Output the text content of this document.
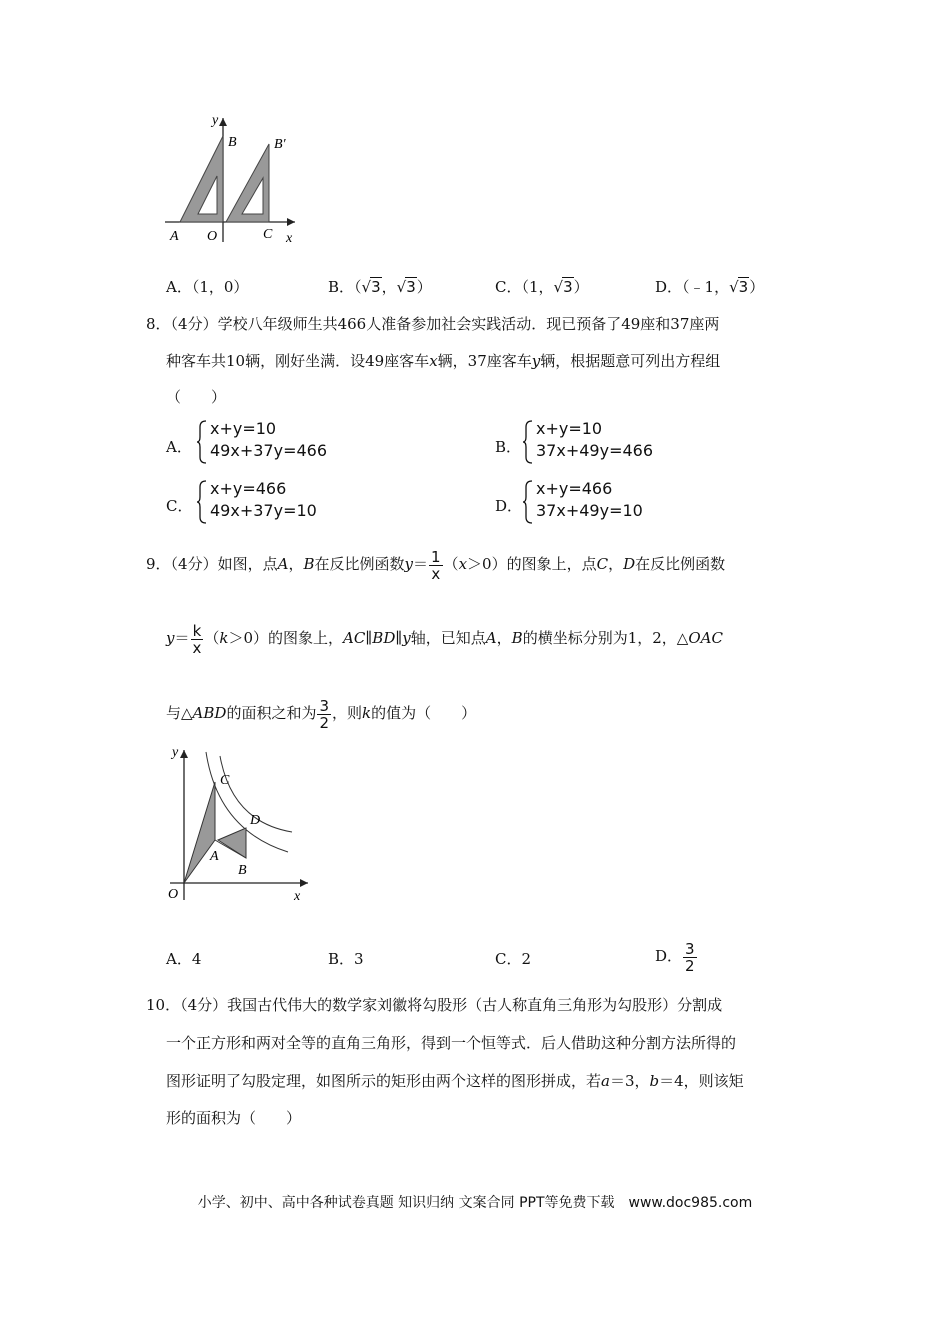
y
B	B′
A O	C x
A．（1，0）	B．（√3，√3）	C．（1，√3）	D．（﹣1，√3）
8．（4分）学校八年级师生共466人准备参加社会实践活动．现已预备了49座和37座两
种客车共10辆，刚好坐满．设49座客车x辆，37座客车y辆，根据题意可列出方程组
（　　）
A．
x+y=10
49x+37y=466	B．
x+y=10
37x+49y=466
C．
x+y=466
49x+37y=10	D．
x+y=466
37x+49y=10
9．（4分）如图，点A，B在反比例函数$y= \frac{1}{x} (x>0)$的图象上，点C，D在反比例函数
$y= \frac{k}{x} (k>0)$的图象上，AC∥BD∥y轴，已知点A，B的横坐标分别为1，2，△OAC
与△ABD的面积之和为 $\frac{3}{2}$ ，则k的值为（　　）
y
C
D
A
B
O	x
A．4	B．3	C．2	D． $\frac{3}{2}$
10．（4分）我国古代伟大的数学家刘徽将勾股形（古人称直角三角形为勾股形）分割成
一个正方形和两对全等的直角三角形，得到一个恒等式．后人借助这种分割方法所得的
图形证明了勾股定理，如图所示的矩形由两个这样的图形拼成，若a＝3，b＝4，则该矩
形的面积为（　　）
小学、初中、高中各种试卷真题 知识归纳 文案合同 PPT等免费下载　www.doc985.com
